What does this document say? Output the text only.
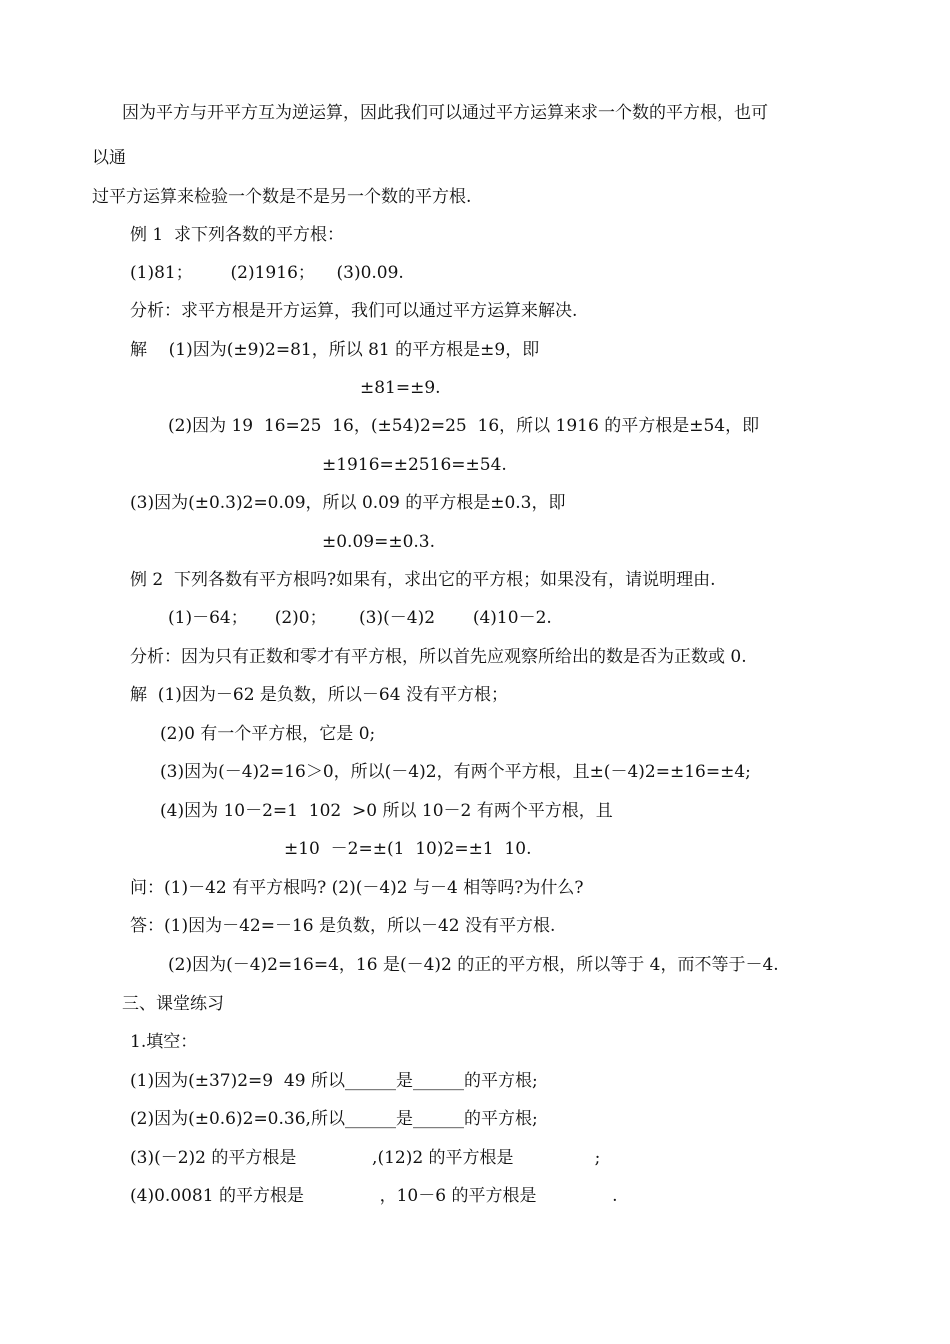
因为平方与开平方互为逆运算，因此我们可以通过平方运算来求一个数的平方根，也可
以通
过平方运算来检验一个数是不是另一个数的平方根.
例 1  求下列各数的平方根：
(1)81；       (2)1916；    (3)0.09.
分析：求平方根是开方运算，我们可以通过平方运算来解决.
解    (1)因为(±9)2=81，所以 81 的平方根是±9，即
±81=±9.
(2)因为 19  16=25  16，(±54)2=25  16，所以 1916 的平方根是±54，即
±1916=±2516=±54.
(3)因为(±0.3)2=0.09，所以 0.09 的平方根是±0.3，即
±0.09=±0.3.
例 2  下列各数有平方根吗?如果有，求出它的平方根；如果没有，请说明理由.
(1)－64；     (2)0；      (3)(－4)2       (4)10－2.
分析：因为只有正数和零才有平方根，所以首先应观察所给出的数是否为正数或 0.
解  (1)因为－62 是负数，所以－64 没有平方根；
(2)0 有一个平方根，它是 0;
(3)因为(－4)2=16＞0，所以(－4)2，有两个平方根，且±(－4)2=±16=±4;
(4)因为 10－2=1  102  >0 所以 10－2 有两个平方根，且
±10  －2=±(1  10)2=±1  10.
问：(1)－42 有平方根吗? (2)(－4)2 与－4 相等吗?为什么?
答：(1)因为－42=－16 是负数，所以－42 没有平方根.
(2)因为(－4)2=16=4，16 是(－4)2 的正的平方根，所以等于 4，而不等于－4.
三、课堂练习
1.填空：
(1)因为(±37)2=9  49 所以______是______的平方根;
(2)因为(±0.6)2=0.36,所以______是______的平方根;
(3)(－2)2 的平方根是              ,(12)2 的平方根是               ;
(4)0.0081 的平方根是              ，10－6 的平方根是              .
